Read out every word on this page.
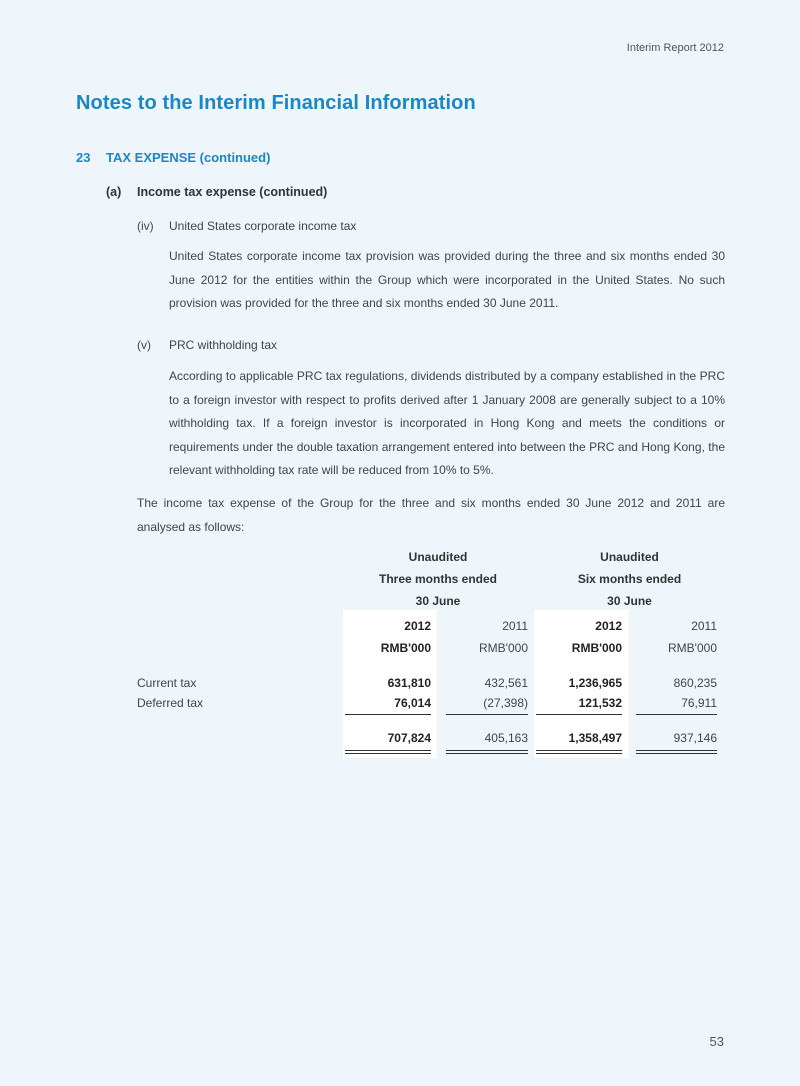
Interim Report 2012
Notes to the Interim Financial Information
23 TAX EXPENSE (continued)
(a) Income tax expense (continued)
(iv) United States corporate income tax

United States corporate income tax provision was provided during the three and six months ended 30 June 2012 for the entities within the Group which were incorporated in the United States. No such provision was provided for the three and six months ended 30 June 2011.

(v) PRC withholding tax

According to applicable PRC tax regulations, dividends distributed by a company established in the PRC to a foreign investor with respect to profits derived after 1 January 2008 are generally subject to a 10% withholding tax. If a foreign investor is incorporated in Hong Kong and meets the conditions or requirements under the double taxation arrangement entered into between the PRC and Hong Kong, the relevant withholding tax rate will be reduced from 10% to 5%.

The income tax expense of the Group for the three and six months ended 30 June 2012 and 2011 are analysed as follows:

Unaudited
Three months ended
30 June
Unaudited
Six months ended
30 June
2012	2011	2012	2011
RMB'000	RMB'000	RMB'000	RMB'000
Current tax	631,810	432,561	1,236,965	860,235
Deferred tax	76,014	(27,398)	121,532	76,911
707,824	405,163	1,358,497	937,146
53
